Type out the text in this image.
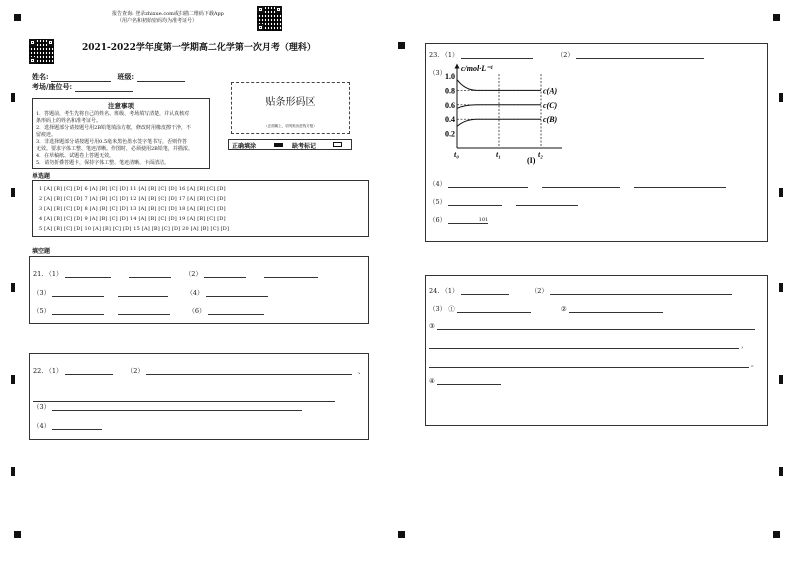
报告查询: 登录zhixue.com或扫描二维码下载App
（用户名和初始密码均为准考证号）
2021-2022学年度第一学期高二化学第一次月考（理科）
姓名:	班级:
考场/座位号:
贴条形码区
（正面朝上，切勿贴出虚线方框）
注意事项
1．答题前，考生先将自己的姓名、班级、考场填写清楚，并认真核对
条形码上的姓名和准考证号。
2．选择题部分请按题号用2B铅笔填涂方框，修改时用橡皮擦干净，不
留痕迹。
3．非选择题部分请按题号用0.5毫米黑色墨水签字笔书写，否则作答
无效。要求字体工整、笔迹清晰。作图时，必须使用2B铅笔，并描浓。
4．在草稿纸、试题卷上答题无效。
5．请勿折叠答题卡，保持字体工整、笔迹清晰、卡面清洁。
正确填涂	缺考标记
单选题
1 [A] [B] [C] [D] 6 [A] [B] [C] [D] 11 [A] [B] [C] [D] 16 [A] [B] [C] [D]
2 [A] [B] [C] [D] 7 [A] [B] [C] [D] 12 [A] [B] [C] [D] 17 [A] [B] [C] [D]
3 [A] [B] [C] [D] 8 [A] [B] [C] [D] 13 [A] [B] [C] [D] 18 [A] [B] [C] [D]
4 [A] [B] [C] [D] 9 [A] [B] [C] [D] 14 [A] [B] [C] [D] 19 [A] [B] [C] [D]
5 [A] [B] [C] [D] 10 [A] [B] [C] [D] 15 [A] [B] [C] [D] 20 [A] [B] [C] [D]
填空题
21. （1）	（2）
（3）	（4）
（5）	（6）
22. （1）	（2）	、
（3）
（4）
23. （1）	（2）
（3） c/mol·L⁻¹
1.0
0.8
0.6
0.4
0.2
t₀	t₁	t₂
c(A)
c(C)
c(B)
(I)
（4）
（5）
（6）	101
24. （1）	（2）
（3） ①	②
③
，
。
④
